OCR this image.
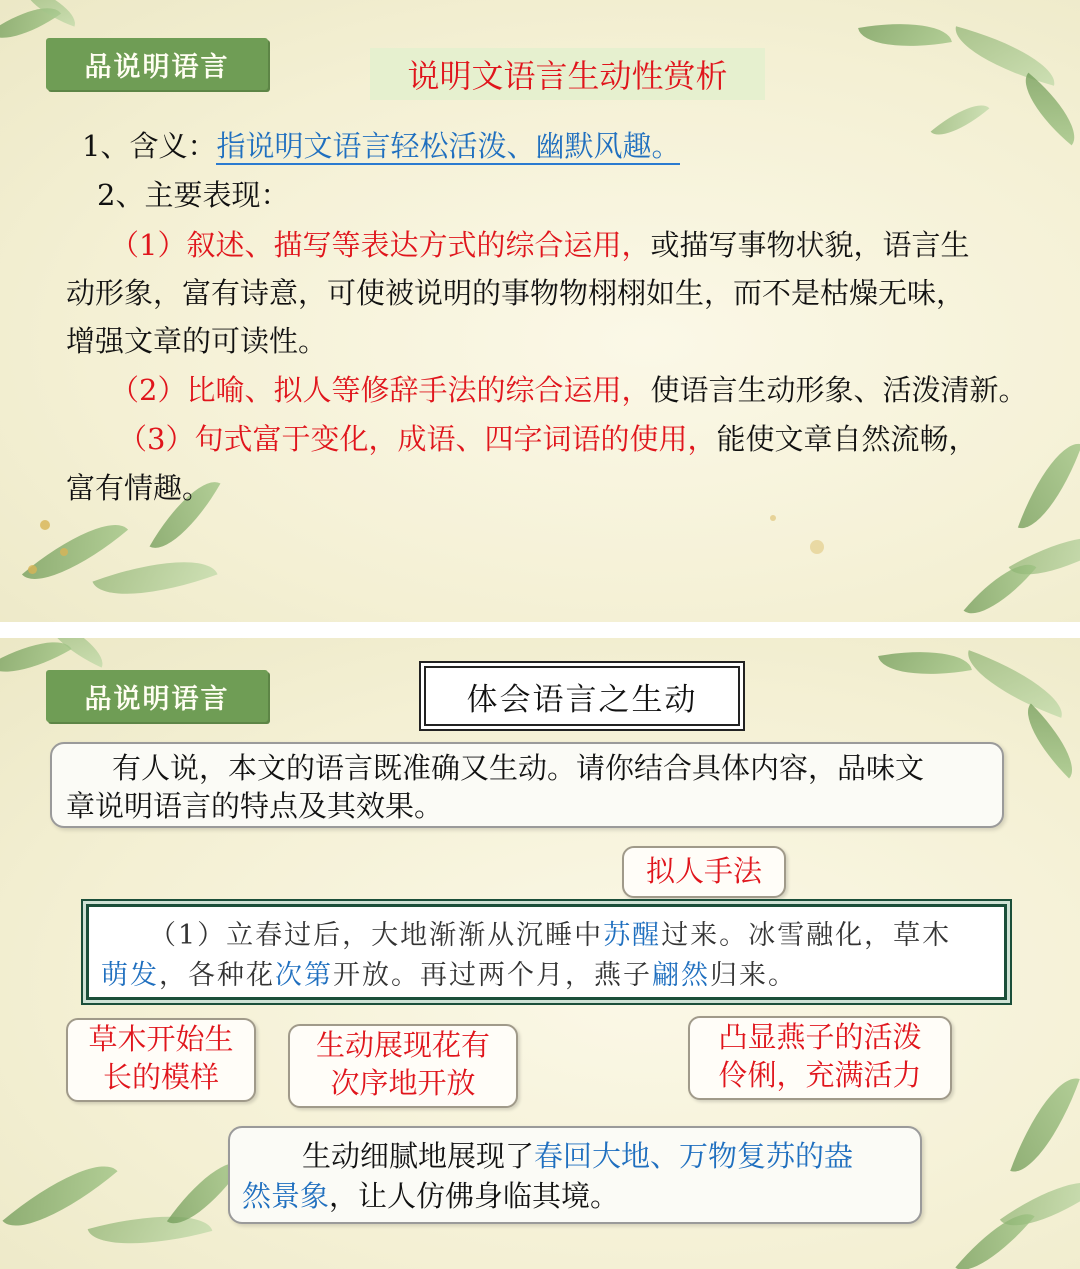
品说明语言	说明文语言生动性赏析
1、含义：指说明文语言轻松活泼、幽默风趣。
2、主要表现：
（1）叙述、描写等表达方式的综合运用，或描写事物状貌，语言生
动形象，富有诗意，可使被说明的事物物栩栩如生，而不是枯燥无味，
增强文章的可读性。
（2）比喻、拟人等修辞手法的综合运用，使语言生动形象、活泼清新。
（3）句式富于变化，成语、四字词语的使用，能使文章自然流畅，
富有情趣。
品说明语言	体会语言之生动
有人说，本文的语言既准确又生动。请你结合具体内容，品味文
章说明语言的特点及其效果。
拟人手法
（1）立春过后，大地渐渐从沉睡中苏醒过来。冰雪融化，草木
萌发，各种花次第开放。再过两个月，燕子翩然归来。
草木开始生
长的模样
生动展现花有
次序地开放
凸显燕子的活泼
伶俐，充满活力
生动细腻地展现了春回大地、万物复苏的盎
然景象，让人仿佛身临其境。
